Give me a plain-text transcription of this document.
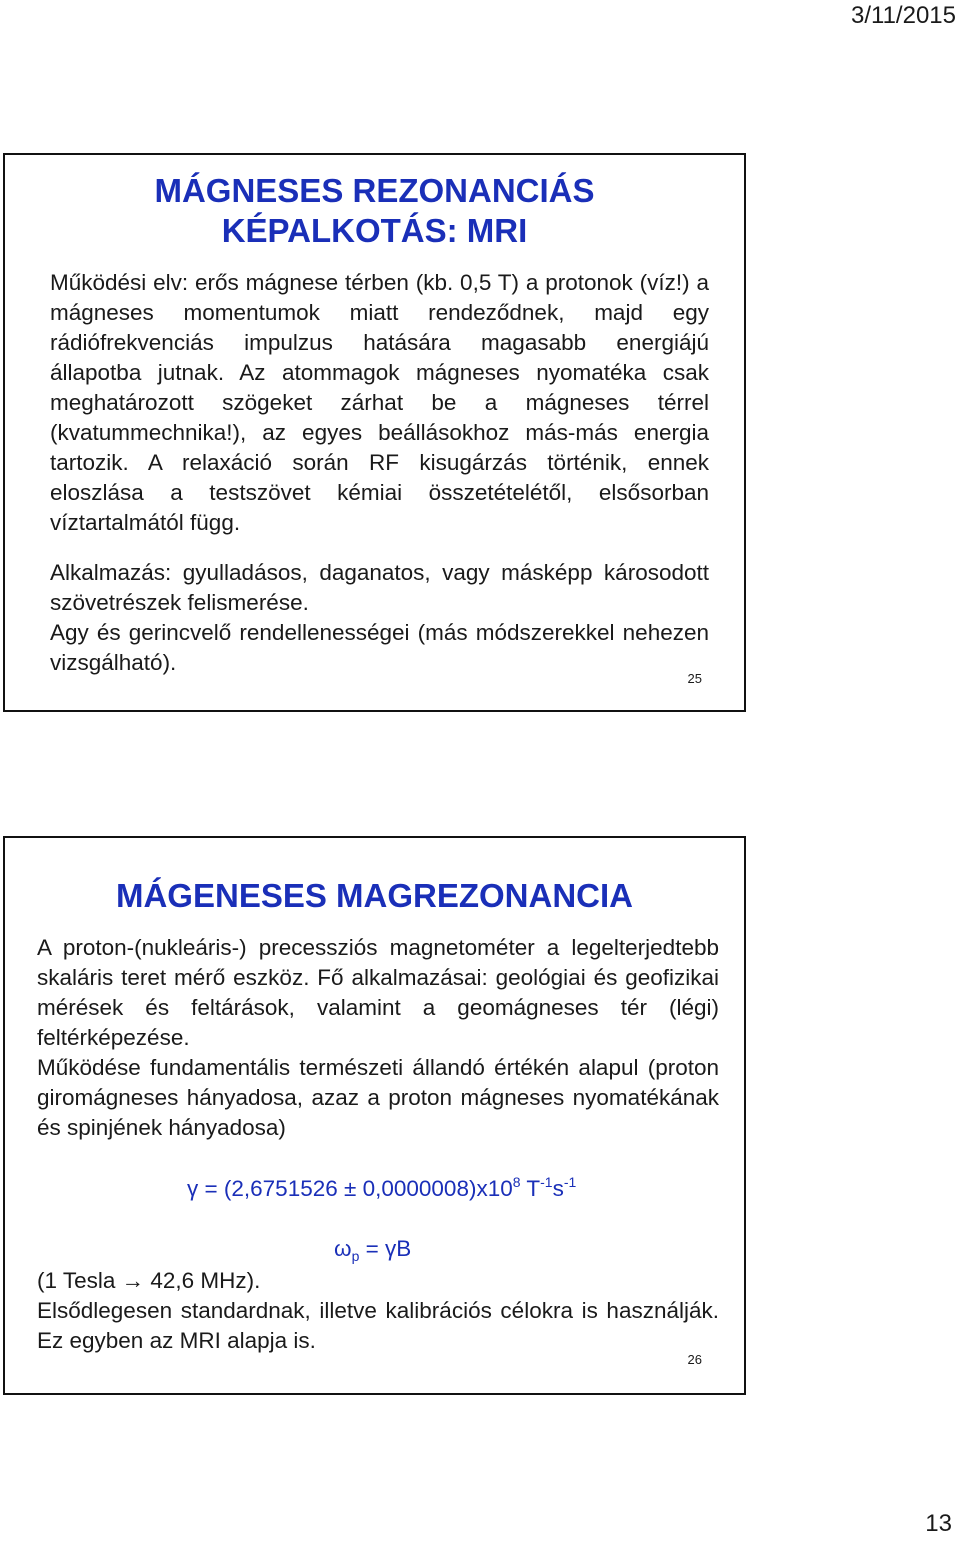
3/11/2015
MÁGNESES REZONANCIÁS
KÉPALKOTÁS: MRI

Működési elv: erős mágnese térben (kb. 0,5 T) a protonok (víz!) a mágneses momentumok miatt rendeződnek, majd egy rádiófrekvenciás impulzus hatására magasabb energiájú állapotba jutnak. Az atommagok mágneses nyomatéka csak meghatározott szögeket zárhat be a mágneses térrel (kvatummechnika!), az egyes beállásokhoz más-más energia tartozik. A relaxáció során RF kisugárzás történik, ennek eloszlása a testszövet kémiai összetételétől, elsősorban víztartalmától függ.

Alkalmazás: gyulladásos, daganatos, vagy másképp károsodott szövetrészek felismerése.

Agy és gerincvelő rendellenességei (más módszerekkel nehezen vizsgálható).

25
MÁGENESES MAGREZONANCIA

A proton-(nukleáris-) precessziós magnetométer a legelterjedtebb skaláris teret mérő eszköz. Fő alkalmazásai: geológiai és geofizikai mérések és feltárások, valamint a geomágneses tér (légi) feltérképezése.

Működése fundamentális természeti állandó értékén alapul (proton giromágneses hányadosa, azaz a proton mágneses nyomatékának és spinjének hányadosa)

$\gamma = (2,6751526 \pm 0,0000008)x10^8$ $T^{-1}s^{-1}$
$\omega_p = \gamma B$

(1 Tesla → 42,6 MHz).

Elsődlegesen standardnak, illetve kalibrációs célokra is használják. Ez egyben az MRI alapja is.

26
13
